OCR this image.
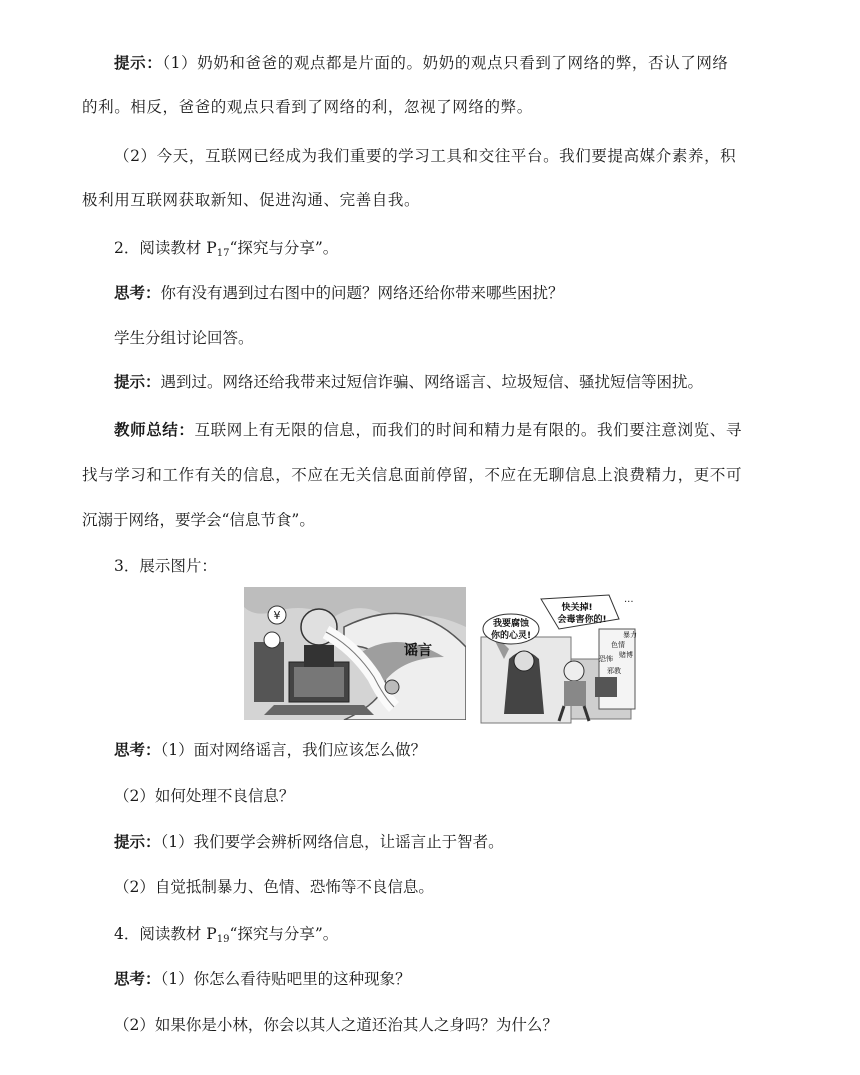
提示：（1）奶奶和爸爸的观点都是片面的。奶奶的观点只看到了网络的弊，否认了网络
的利。相反，爸爸的观点只看到了网络的利，忽视了网络的弊。
（2）今天，互联网已经成为我们重要的学习工具和交往平台。我们要提高媒介素养，积
极利用互联网获取新知、促进沟通、完善自我。
2．阅读教材 $P_{17}“$探究与分享”。
思考：你有没有遇到过右图中的问题？网络还给你带来哪些困扰？
学生分组讨论回答。
提示：遇到过。网络还给我带来过短信诈骗、网络谣言、垃圾短信、骚扰短信等困扰。
教师总结：互联网上有无限的信息，而我们的时间和精力是有限的。我们要注意浏览、寻
找与学习和工作有关的信息，不应在无关信息面前停留，不应在无聊信息上浪费精力，更不可
沉溺于网络，要学会“信息节食”。
3．展示图片：
¥
谣言
我要腐蚀
你的心灵!
快关掉!
会毒害你的!
···
色情
暴力
恐怖 赌博
邪教
思考：（1）面对网络谣言，我们应该怎么做？
（2）如何处理不良信息？
提示：（1）我们要学会辨析网络信息，让谣言止于智者。
（2）自觉抵制暴力、色情、恐怖等不良信息。
4．阅读教材 $P_{19}“$探究与分享”。
思考：（1）你怎么看待贴吧里的这种现象？
（2）如果你是小林，你会以其人之道还治其人之身吗？为什么？
